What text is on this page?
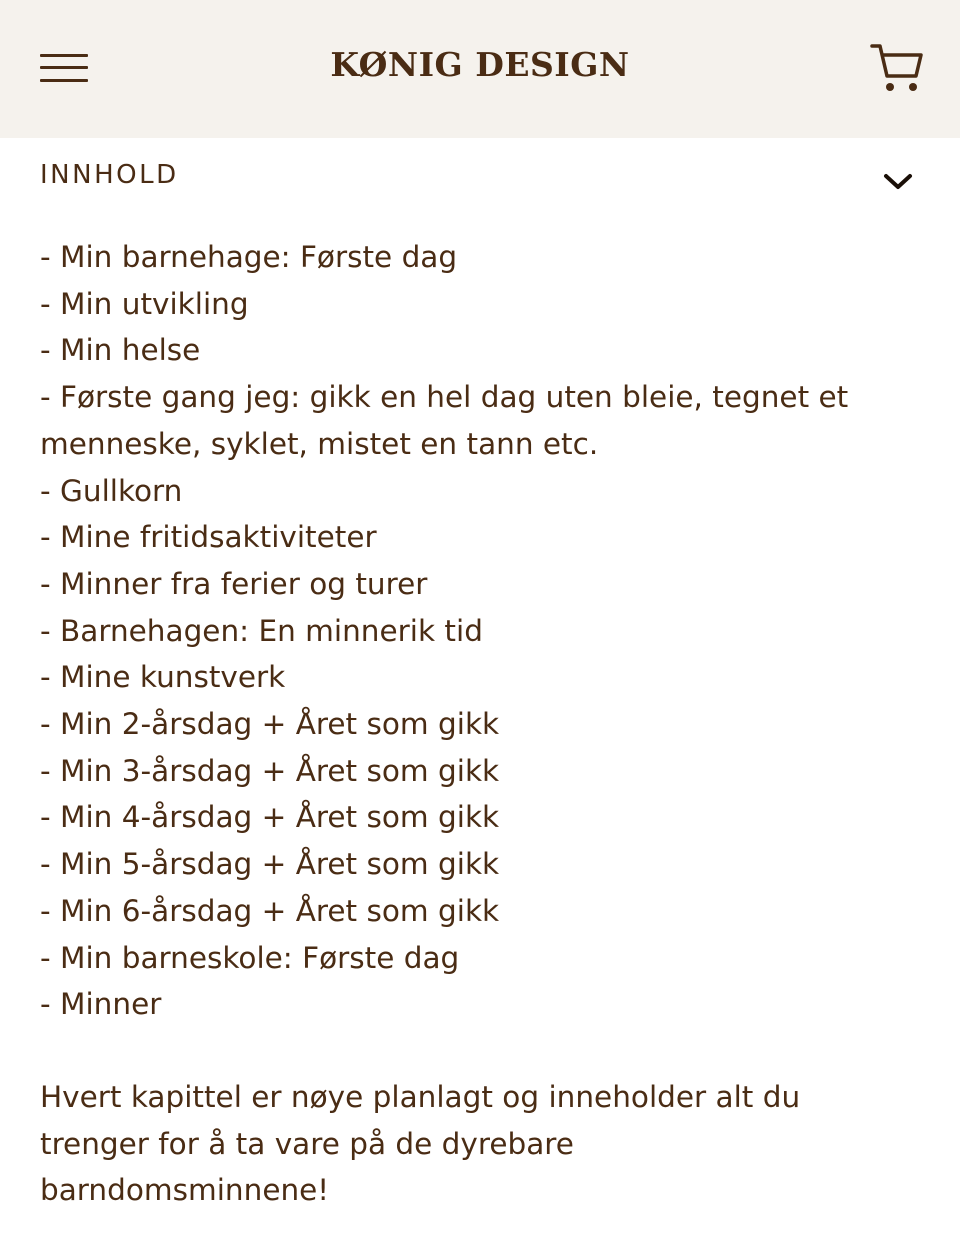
KØNIG DESIGN
INNHOLD
- Min barnehage: Første dag
- Min utvikling
- Min helse
- Første gang jeg: gikk en hel dag uten bleie, tegnet et
menneske, syklet, mistet en tann etc.
- Gullkorn
- Mine fritidsaktiviteter
- Minner fra ferier og turer
- Barnehagen: En minnerik tid
- Mine kunstverk
- Min 2-årsdag + Året som gikk
- Min 3-årsdag + Året som gikk
- Min 4-årsdag + Året som gikk
- Min 5-årsdag + Året som gikk
- Min 6-årsdag + Året som gikk
- Min barneskole: Første dag
- Minner
Hvert kapittel er nøye planlagt og inneholder alt du
trenger for å ta vare på de dyrebare
barndomsminnene!
